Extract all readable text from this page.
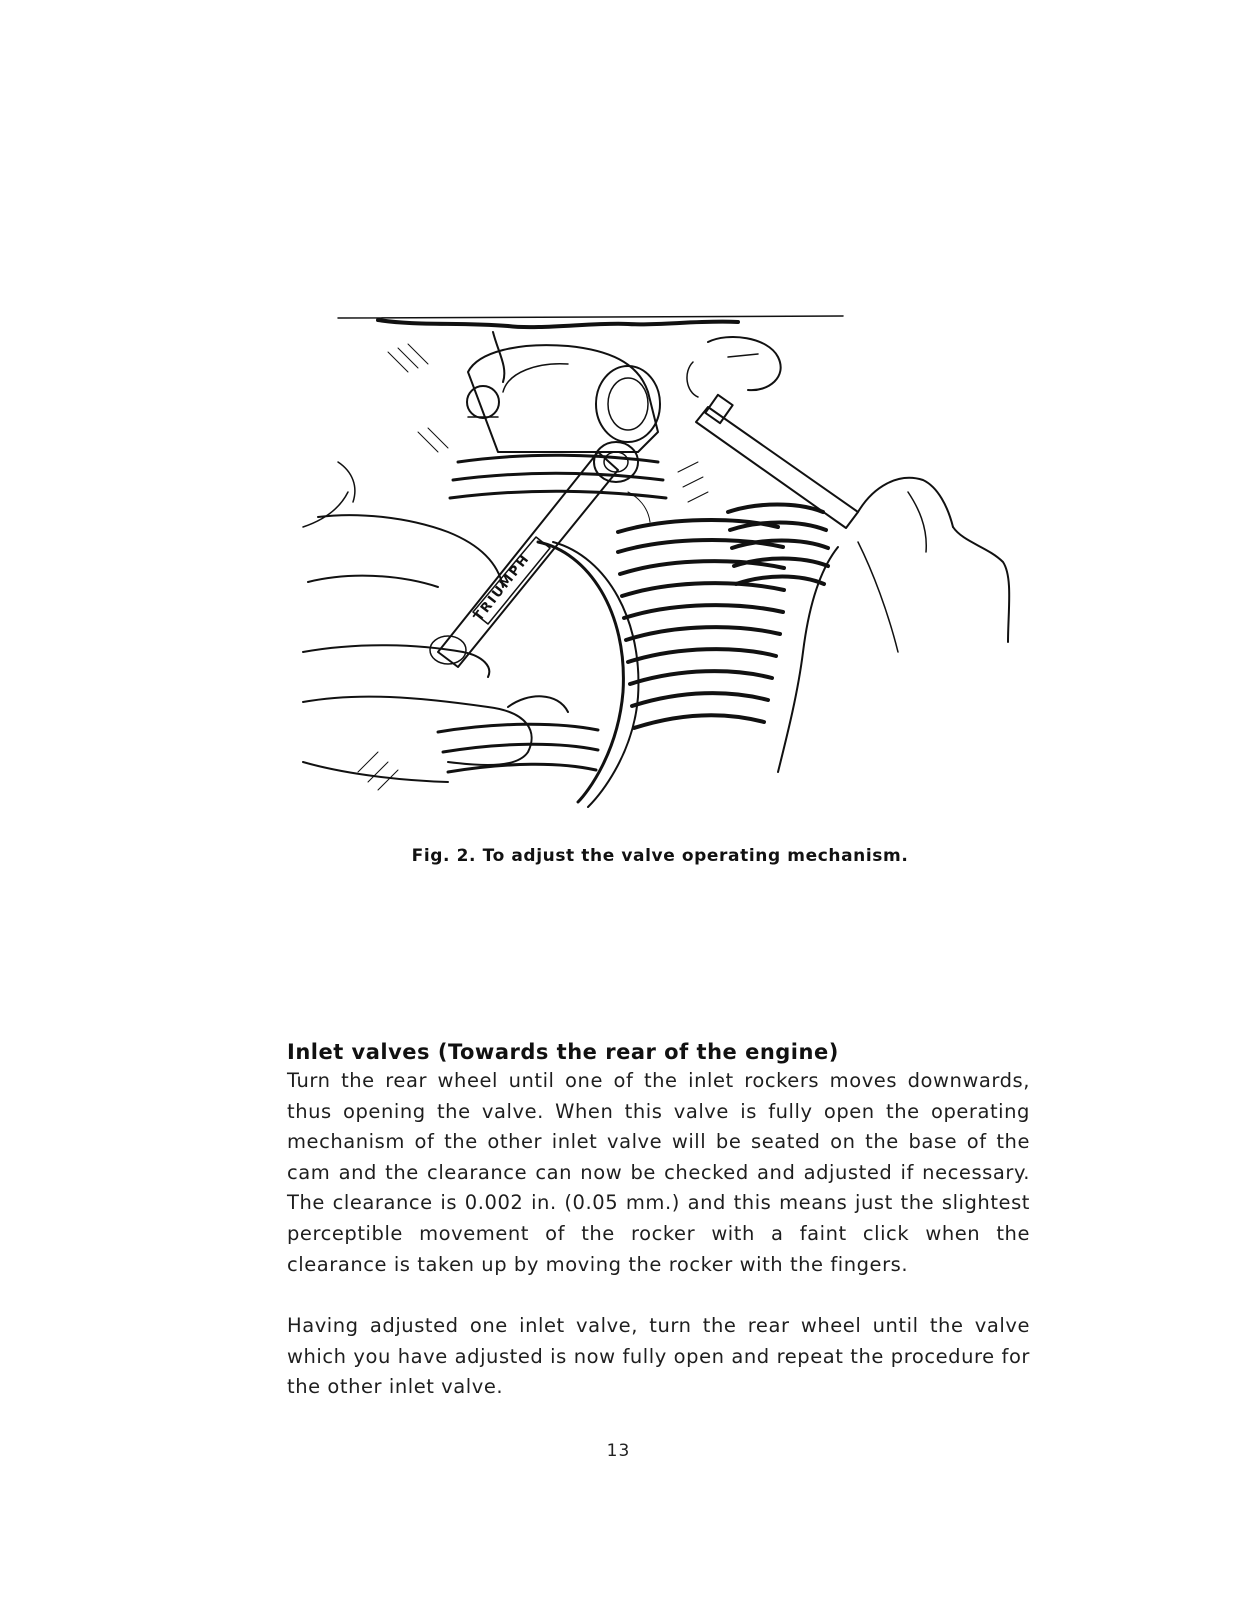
TRIUMPH
Fig. 2. To adjust the valve operating mechanism.
Inlet valves (Towards the rear of the engine)

Turn the rear wheel until one of the inlet rockers moves downwards, thus opening the valve. When this valve is fully open the operating mechanism of the other inlet valve will be seated on the base of the cam and the clearance can now be checked and adjusted if necessary. The clearance is 0.002 in. (0.05 mm.) and this means just the slightest perceptible movement of the rocker with a faint click when the clearance is taken up by moving the rocker with the fingers.

Having adjusted one inlet valve, turn the rear wheel until the valve which you have adjusted is now fully open and repeat the procedure for the other inlet valve.

13
